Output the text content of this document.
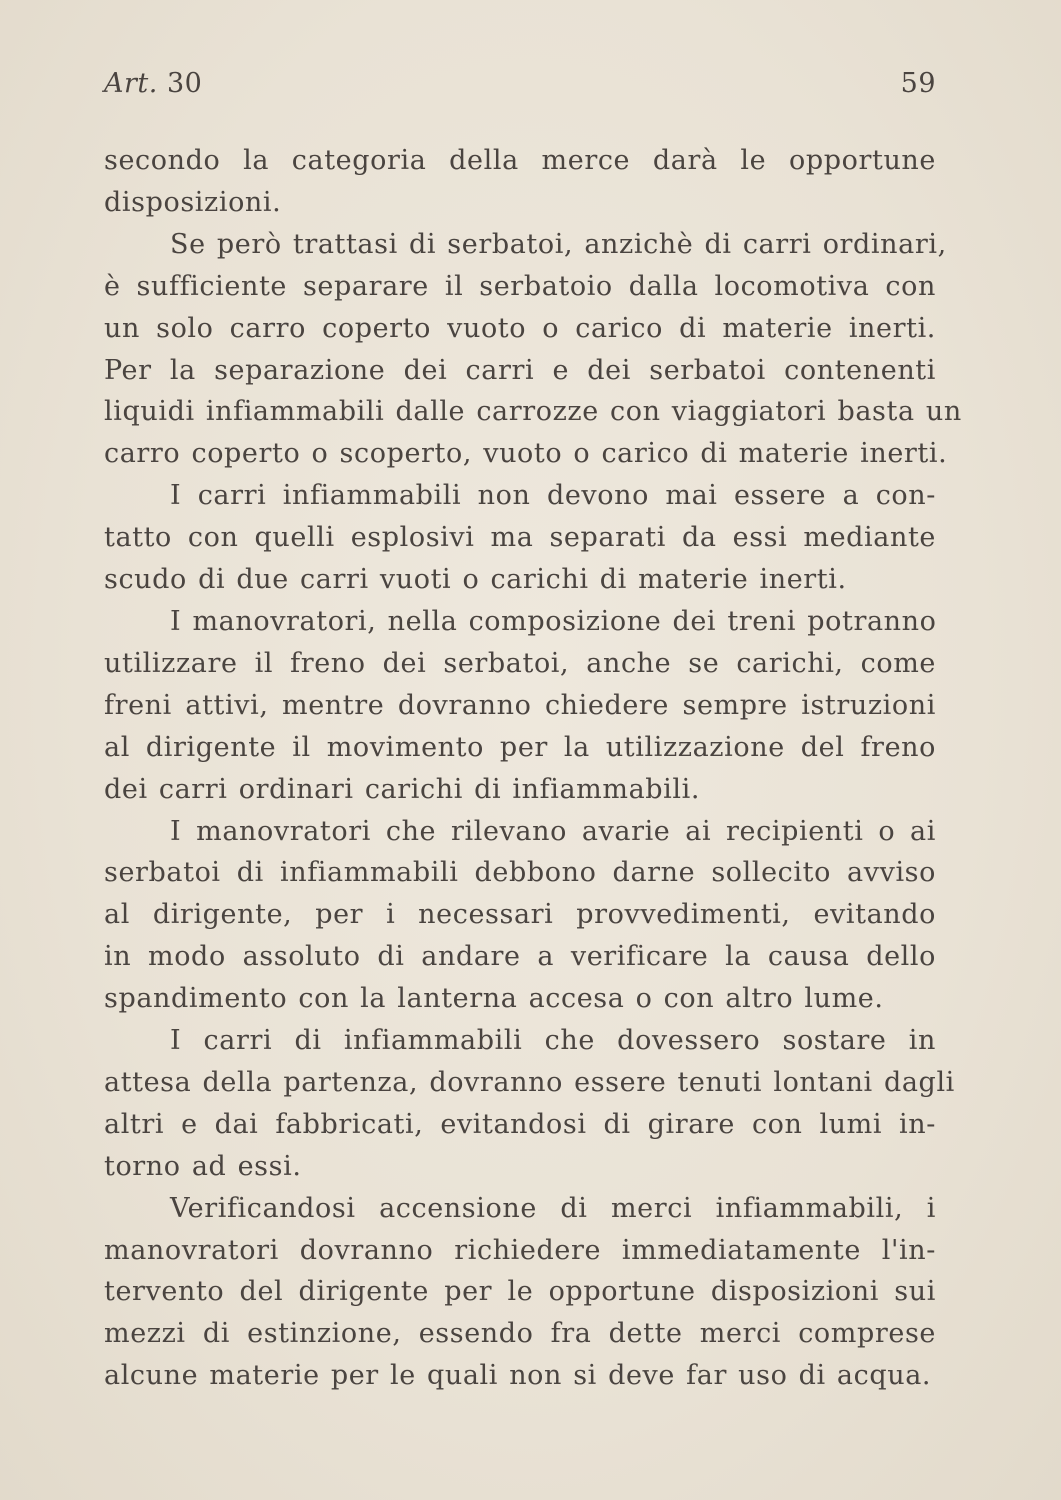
Art. 30	59
secondo la categoria della merce darà le opportune
disposizioni.
Se però trattasi di serbatoi, anzichè di carri ordinari,
è sufficiente separare il serbatoio dalla locomotiva con
un solo carro coperto vuoto o carico di materie inerti.
Per la separazione dei carri e dei serbatoi contenenti
liquidi infiammabili dalle carrozze con viaggiatori basta un
carro coperto o scoperto, vuoto o carico di materie inerti.
I carri infiammabili non devono mai essere a con-
tatto con quelli esplosivi ma separati da essi mediante
scudo di due carri vuoti o carichi di materie inerti.
I manovratori, nella composizione dei treni potranno
utilizzare il freno dei serbatoi, anche se carichi, come
freni attivi, mentre dovranno chiedere sempre istruzioni
al dirigente il movimento per la utilizzazione del freno
dei carri ordinari carichi di infiammabili.
I manovratori che rilevano avarie ai recipienti o ai
serbatoi di infiammabili debbono darne sollecito avviso
al dirigente, per i necessari provvedimenti, evitando
in modo assoluto di andare a verificare la causa dello
spandimento con la lanterna accesa o con altro lume.
I carri di infiammabili che dovessero sostare in
attesa della partenza, dovranno essere tenuti lontani dagli
altri e dai fabbricati, evitandosi di girare con lumi in-
torno ad essi.
Verificandosi accensione di merci infiammabili, i
manovratori dovranno richiedere immediatamente l'in-
tervento del dirigente per le opportune disposizioni sui
mezzi di estinzione, essendo fra dette merci comprese
alcune materie per le quali non si deve far uso di acqua.
